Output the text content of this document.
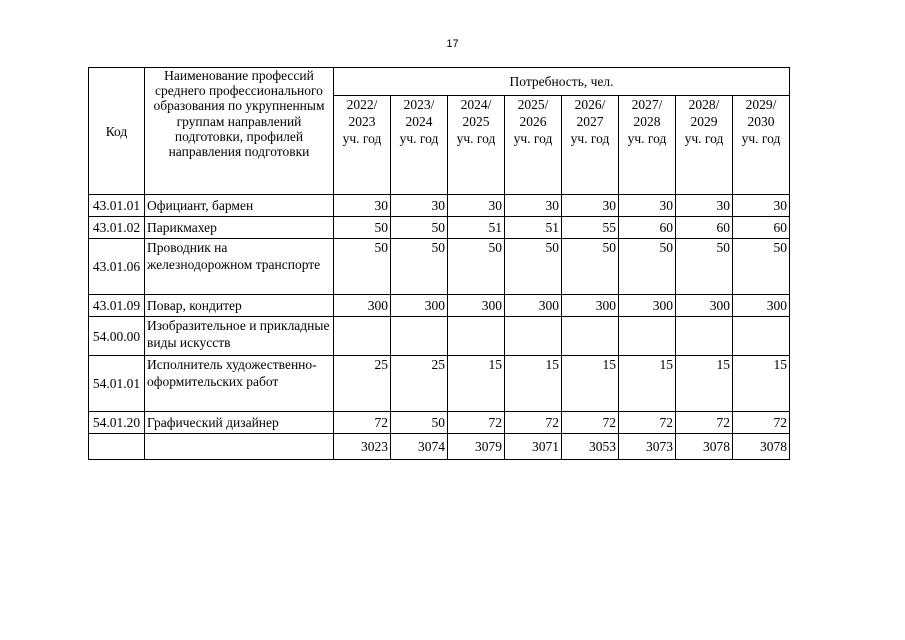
17
Код	Наименование профессий среднего профессионального образования по укрупненным группам направлений подготовки, профилей направления подготовки	Потребность, чел.							
		2022/
2023
уч. год	2023/
2024
уч. год	2024/
2025
уч. год	2025/
2026
уч. год	2026/
2027
уч. год	2027/
2028
уч. год	2028/
2029
уч. год	2029/
2030
уч. год
43.01.01	Официант, бармен	30	30	30	30	30	30	30	30
43.01.02	Парикмахер	50	50	51	51	55	60	60	60
43.01.06	Проводник на железнодорожном транспорте	50	50	50	50	50	50	50	50
43.01.09	Повар, кондитер	300	300	300	300	300	300	300	300
54.00.00	Изобразительное и прикладные виды искусств								
54.01.01	Исполнитель художественно-оформительских работ	25	25	15	15	15	15	15	15
54.01.20	Графический дизайнер	72	50	72	72	72	72	72	72
		3023	3074	3079	3071	3053	3073	3078	3078
